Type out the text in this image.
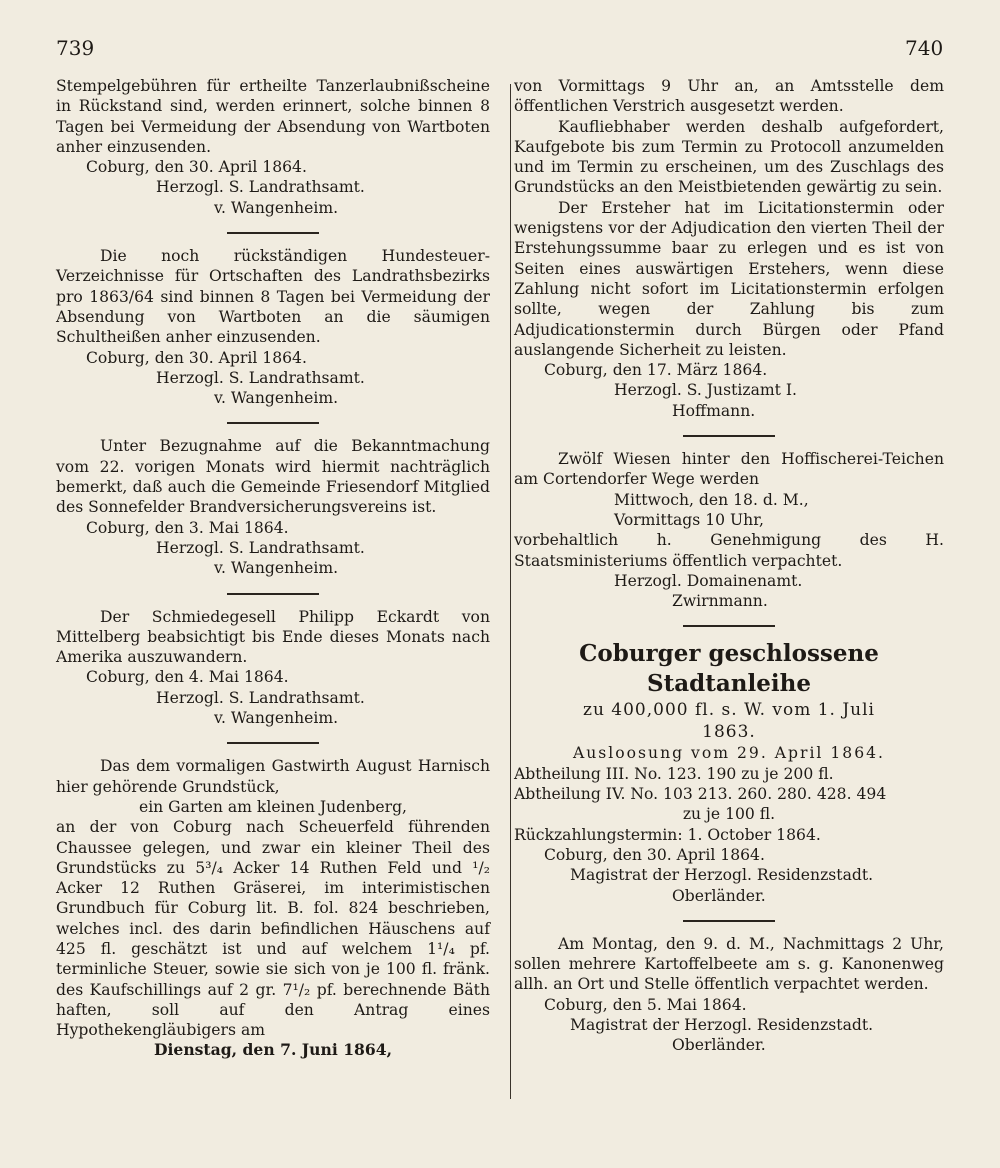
739	740
Stempelgebühren für ertheilte Tanzerlaubnißscheine in Rückstand sind, werden erinnert, solche binnen 8 Tagen bei Vermeidung der Absendung von Wartboten anher einzusenden.
Coburg, den 30. April 1864.
Herzogl. S. Landrathsamt.
v. Wangenheim.
Die noch rückständigen Hundesteuer-Verzeichnisse für Ortschaften des Landrathsbezirks pro 1863/64 sind binnen 8 Tagen bei Vermeidung der Absendung von Wartboten an die säumigen Schultheißen anher einzusenden.
Coburg, den 30. April 1864.
Herzogl. S. Landrathsamt.
v. Wangenheim.
Unter Bezugnahme auf die Bekanntmachung vom 22. vorigen Monats wird hiermit nachträglich bemerkt, daß auch die Gemeinde Friesendorf Mitglied des Sonnefelder Brandversicherungsvereins ist.
Coburg, den 3. Mai 1864.
Herzogl. S. Landrathsamt.
v. Wangenheim.
Der Schmiedegesell Philipp Eckardt von Mittelberg beabsichtigt bis Ende dieses Monats nach Amerika auszuwandern.
Coburg, den 4. Mai 1864.
Herzogl. S. Landrathsamt.
v. Wangenheim.
Das dem vormaligen Gastwirth August Harnisch hier gehörende Grundstück,
ein Garten am kleinen Judenberg,
an der von Coburg nach Scheuerfeld führenden Chaussee gelegen, und zwar ein kleiner Theil des Grundstücks zu 5³/₄ Acker 14 Ruthen Feld und ¹/₂ Acker 12 Ruthen Gräserei, im interimistischen Grundbuch für Coburg lit. B. fol. 824 beschrieben, welches incl. des darin befindlichen Häuschens auf 425 fl. geschätzt ist und auf welchem 1¹/₄ pf. terminliche Steuer, sowie sie sich von je 100 fl. fränk. des Kaufschillings auf 2 gr. 7¹/₂ pf. berechnende Bäth haften, soll auf den Antrag eines Hypothekengläubigers am
Dienstag, den 7. Juni 1864,
von Vormittags 9 Uhr an, an Amtsstelle dem öffentlichen Verstrich ausgesetzt werden.
Kaufliebhaber werden deshalb aufgefordert, Kaufgebote bis zum Termin zu Protocoll anzumelden und im Termin zu erscheinen, um des Zuschlags des Grundstücks an den Meistbietenden gewärtig zu sein.
Der Ersteher hat im Licitationstermin oder wenigstens vor der Adjudication den vierten Theil der Erstehungssumme baar zu erlegen und es ist von Seiten eines auswärtigen Erstehers, wenn diese Zahlung nicht sofort im Licitationstermin erfolgen sollte, wegen der Zahlung bis zum Adjudicationstermin durch Bürgen oder Pfand auslangende Sicherheit zu leisten.
Coburg, den 17. März 1864.
Herzogl. S. Justizamt I.
Hoffmann.
Zwölf Wiesen hinter den Hoffischerei-Teichen am Cortendorfer Wege werden
Mittwoch, den 18. d. M.,
Vormittags 10 Uhr,
vorbehaltlich h. Genehmigung des H. Staatsministeriums öffentlich verpachtet.
Herzogl. Domainenamt.
Zwirnmann.
Coburger geschlossene Stadtanleihe
zu 400,000 fl. s. W. vom 1. Juli
1863.
Ausloosung vom 29. April 1864.
Abtheilung III. No. 123. 190 zu je 200 fl.
Abtheilung IV. No. 103 213. 260. 280. 428. 494
zu je 100 fl.
Rückzahlungstermin: 1. October 1864.
Coburg, den 30. April 1864.
Magistrat der Herzogl. Residenzstadt.
Oberländer.
Am Montag, den 9. d. M., Nachmittags 2 Uhr, sollen mehrere Kartoffelbeete am s. g. Kanonenweg allh. an Ort und Stelle öffentlich verpachtet werden.
Coburg, den 5. Mai 1864.
Magistrat der Herzogl. Residenzstadt.
Oberländer.
